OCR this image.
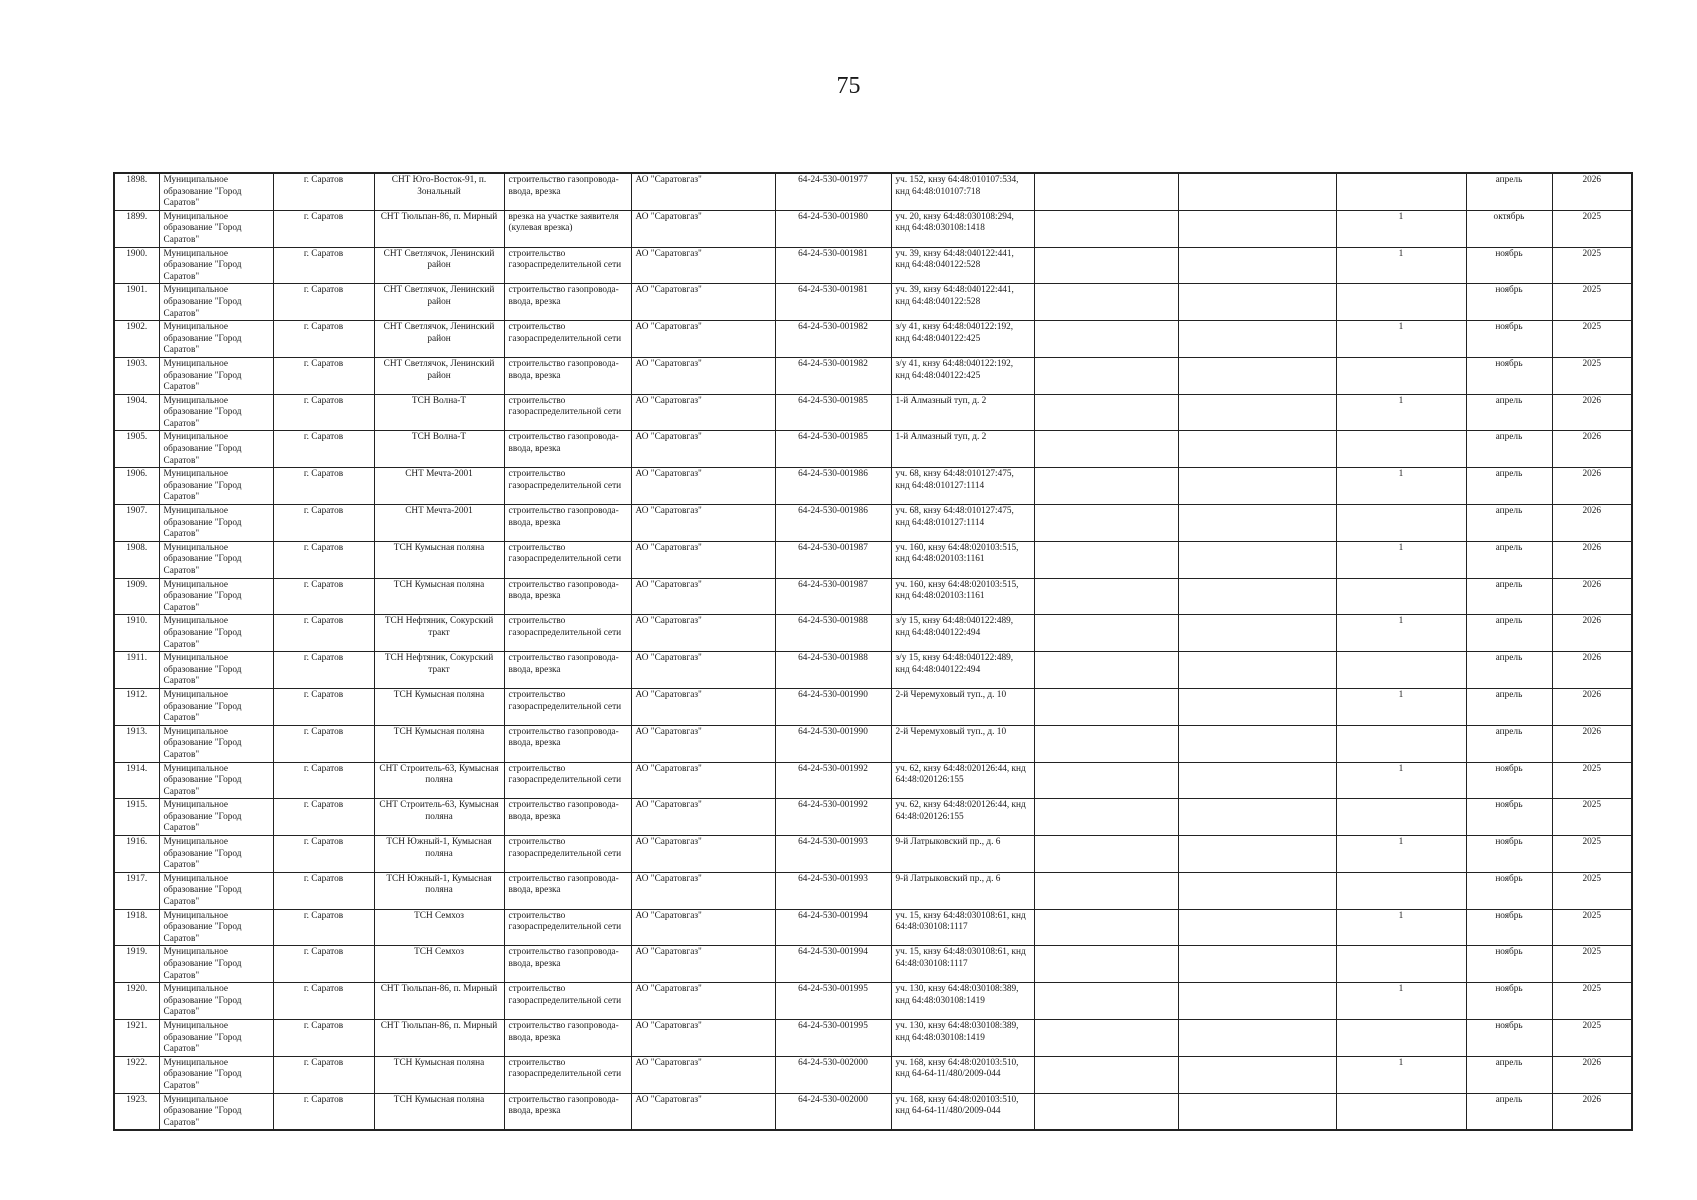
75
1898.	Муниципальное образование "Город Саратов"	г. Саратов	СНТ Юго-Восток-91, п. Зональный	строительство газопровода-ввода, врезка	АО "Саратовгаз"	64-24-530-001977	уч. 152, кнзу 64:48:010107:534, кнд 64:48:010107:718				апрель	2026
1899.	Муниципальное образование "Город Саратов"	г. Саратов	СНТ Тюльпан-86, п. Мирный	врезка на участке заявителя (кулевая врезка)	АО "Саратовгаз"	64-24-530-001980	уч. 20, кнзу 64:48:030108:294, кнд 64:48:030108:1418			1	октябрь	2025
1900.	Муниципальное образование "Город Саратов"	г. Саратов	СНТ Светлячок, Ленинский район	строительство газораспределительной сети	АО "Саратовгаз"	64-24-530-001981	уч. 39, кнзу 64:48:040122:441, кнд 64:48:040122:528			1	ноябрь	2025
1901.	Муниципальное образование "Город Саратов"	г. Саратов	СНТ Светлячок, Ленинский район	строительство газопровода-ввода, врезка	АО "Саратовгаз"	64-24-530-001981	уч. 39, кнзу 64:48:040122:441, кнд 64:48:040122:528				ноябрь	2025
1902.	Муниципальное образование "Город Саратов"	г. Саратов	СНТ Светлячок, Ленинский район	строительство газораспределительной сети	АО "Саратовгаз"	64-24-530-001982	з/у 41, кнзу 64:48:040122:192, кнд 64:48:040122:425			1	ноябрь	2025
1903.	Муниципальное образование "Город Саратов"	г. Саратов	СНТ Светлячок, Ленинский район	строительство газопровода-ввода, врезка	АО "Саратовгаз"	64-24-530-001982	з/у 41, кнзу 64:48:040122:192, кнд 64:48:040122:425				ноябрь	2025
1904.	Муниципальное образование "Город Саратов"	г. Саратов	ТСН Волна-Т	строительство газораспределительной сети	АО "Саратовгаз"	64-24-530-001985	1-й Алмазный туп, д. 2			1	апрель	2026
1905.	Муниципальное образование "Город Саратов"	г. Саратов	ТСН Волна-Т	строительство газопровода-ввода, врезка	АО "Саратовгаз"	64-24-530-001985	1-й Алмазный туп, д. 2				апрель	2026
1906.	Муниципальное образование "Город Саратов"	г. Саратов	СНТ Мечта-2001	строительство газораспределительной сети	АО "Саратовгаз"	64-24-530-001986	уч. 68, кнзу 64:48:010127:475, кнд 64:48:010127:1114			1	апрель	2026
1907.	Муниципальное образование "Город Саратов"	г. Саратов	СНТ Мечта-2001	строительство газопровода-ввода, врезка	АО "Саратовгаз"	64-24-530-001986	уч. 68, кнзу 64:48:010127:475, кнд 64:48:010127:1114				апрель	2026
1908.	Муниципальное образование "Город Саратов"	г. Саратов	ТСН Кумысная поляна	строительство газораспределительной сети	АО "Саратовгаз"	64-24-530-001987	уч. 160, кнзу 64:48:020103:515, кнд 64:48:020103:1161			1	апрель	2026
1909.	Муниципальное образование "Город Саратов"	г. Саратов	ТСН Кумысная поляна	строительство газопровода-ввода, врезка	АО "Саратовгаз"	64-24-530-001987	уч. 160, кнзу 64:48:020103:515, кнд 64:48:020103:1161				апрель	2026
1910.	Муниципальное образование "Город Саратов"	г. Саратов	ТСН Нефтяник, Сокурский тракт	строительство газораспределительной сети	АО "Саратовгаз"	64-24-530-001988	з/у 15, кнзу 64:48:040122:489, кнд 64:48:040122:494			1	апрель	2026
1911.	Муниципальное образование "Город Саратов"	г. Саратов	ТСН Нефтяник, Сокурский тракт	строительство газопровода-ввода, врезка	АО "Саратовгаз"	64-24-530-001988	з/у 15, кнзу 64:48:040122:489, кнд 64:48:040122:494				апрель	2026
1912.	Муниципальное образование "Город Саратов"	г. Саратов	ТСН Кумысная поляна	строительство газораспределительной сети	АО "Саратовгаз"	64-24-530-001990	2-й Черемуховый туп., д. 10			1	апрель	2026
1913.	Муниципальное образование "Город Саратов"	г. Саратов	ТСН Кумысная поляна	строительство газопровода-ввода, врезка	АО "Саратовгаз"	64-24-530-001990	2-й Черемуховый туп., д. 10				апрель	2026
1914.	Муниципальное образование "Город Саратов"	г. Саратов	СНТ Строитель-63, Кумысная поляна	строительство газораспределительной сети	АО "Саратовгаз"	64-24-530-001992	уч. 62, кнзу 64:48:020126:44, кнд 64:48:020126:155			1	ноябрь	2025
1915.	Муниципальное образование "Город Саратов"	г. Саратов	СНТ Строитель-63, Кумысная поляна	строительство газопровода-ввода, врезка	АО "Саратовгаз"	64-24-530-001992	уч. 62, кнзу 64:48:020126:44, кнд 64:48:020126:155				ноябрь	2025
1916.	Муниципальное образование "Город Саратов"	г. Саратов	ТСН Южный-1, Кумысная поляна	строительство газораспределительной сети	АО "Саратовгаз"	64-24-530-001993	9-й Латрыковский пр., д. 6			1	ноябрь	2025
1917.	Муниципальное образование "Город Саратов"	г. Саратов	ТСН Южный-1, Кумысная поляна	строительство газопровода-ввода, врезка	АО "Саратовгаз"	64-24-530-001993	9-й Латрыковский пр., д. 6				ноябрь	2025
1918.	Муниципальное образование "Город Саратов"	г. Саратов	ТСН Семхоз	строительство газораспределительной сети	АО "Саратовгаз"	64-24-530-001994	уч. 15, кнзу 64:48:030108:61, кнд 64:48:030108:1117			1	ноябрь	2025
1919.	Муниципальное образование "Город Саратов"	г. Саратов	ТСН Семхоз	строительство газопровода-ввода, врезка	АО "Саратовгаз"	64-24-530-001994	уч. 15, кнзу 64:48:030108:61, кнд 64:48:030108:1117				ноябрь	2025
1920.	Муниципальное образование "Город Саратов"	г. Саратов	СНТ Тюльпан-86, п. Мирный	строительство газораспределительной сети	АО "Саратовгаз"	64-24-530-001995	уч. 130, кнзу 64:48:030108:389, кнд 64:48:030108:1419			1	ноябрь	2025
1921.	Муниципальное образование "Город Саратов"	г. Саратов	СНТ Тюльпан-86, п. Мирный	строительство газопровода-ввода, врезка	АО "Саратовгаз"	64-24-530-001995	уч. 130, кнзу 64:48:030108:389, кнд 64:48:030108:1419				ноябрь	2025
1922.	Муниципальное образование "Город Саратов"	г. Саратов	ТСН Кумысная поляна	строительство газораспределительной сети	АО "Саратовгаз"	64-24-530-002000	уч. 168, кнзу 64:48:020103:510, кнд 64-64-11/480/2009-044			1	апрель	2026
1923.	Муниципальное образование "Город Саратов"	г. Саратов	ТСН Кумысная поляна	строительство газопровода-ввода, врезка	АО "Саратовгаз"	64-24-530-002000	уч. 168, кнзу 64:48:020103:510, кнд 64-64-11/480/2009-044				апрель	2026
